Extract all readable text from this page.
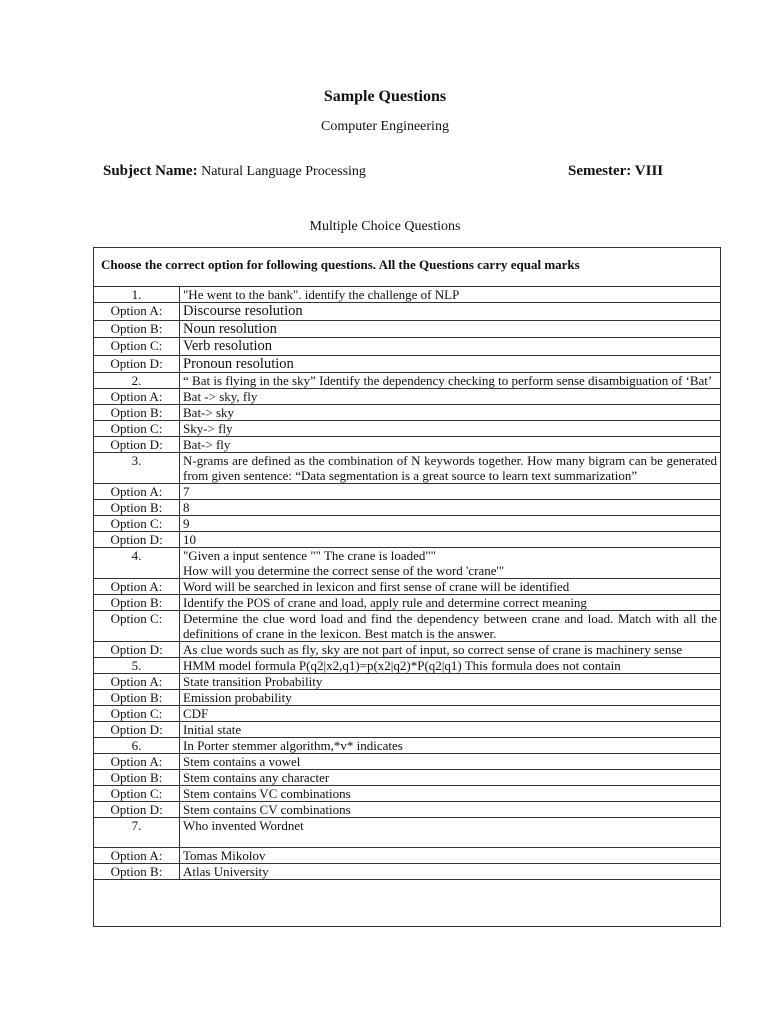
Sample Questions
Computer Engineering
Subject Name: Natural Language Processing	Semester: VIII
Multiple Choice Questions
Choose the correct option for following questions. All the Questions carry equal marks
1.	"He went to the bank". identify the challenge of NLP
Option A:	Discourse resolution
Option B:	Noun resolution
Option C:	Verb resolution
Option D:	Pronoun resolution
2.	“ Bat is flying in the sky” Identify the dependency checking to perform sense disambiguation of ‘Bat’
Option A:	Bat -> sky, fly
Option B:	Bat-> sky
Option C:	Sky-> fly
Option D:	Bat-> fly
3.	N-grams are defined as the combination of N keywords together. How many bigram can be generated from given sentence: “Data segmentation is a great source to learn text summarization”
Option A:	7
Option B:	8
Option C:	9
Option D:	10
4.	"Given a input sentence "" The crane is loaded""
How will you determine the correct sense of the word 'crane'"
Option A:	Word will be searched in lexicon and first sense of crane will be identified
Option B:	Identify the POS of crane and load, apply rule and determine correct meaning
Option C:	Determine the clue word load and find the dependency between crane and load. Match with all the definitions of crane in the lexicon. Best match is the answer.
Option D:	As clue words such as fly, sky are not part of input, so correct sense of crane is machinery sense
5.	HMM model formula P(q2|x2,q1)=p(x2|q2)*P(q2|q1) This formula does not contain
Option A:	State transition Probability
Option B:	Emission probability
Option C:	CDF
Option D:	Initial state
6.	In Porter stemmer algorithm,*v* indicates
Option A:	Stem contains a vowel
Option B:	Stem contains any character
Option C:	Stem contains VC combinations
Option D:	Stem contains CV combinations
7.	Who invented Wordnet
Option A:	Tomas Mikolov
Option B:	Atlas University
